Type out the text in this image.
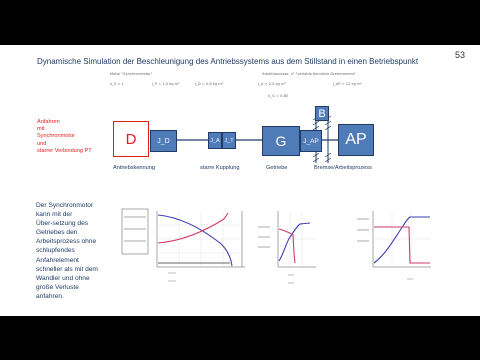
Dynamische Simulation der Beschleunigung des Antriebssystems aus dem Stillstand in einen Betriebspunkt
53
Motor "Synchronmotor"
n_0 = 1	J_P = 1.5 kg m²	J_D = 0.8 kg m²
Arbeitsprozess: n² "variable Kennlinie Drehmoment"
J_A = 2.5 kg m²	J_AP = 12 kg m²
η_G = 0.85
Anfahren
mit
Synchronmotor
und
starrer Verbindung PT
D	J_D	J_A J_T	G	J_AP
B
AP
Antriebskennung	starre Kupplung	Getriebe	Bremse/Arbeitsprozess
Der Synchronmotor
kann mit der
Über-setzung des
Getriebes den
Arbeitsprozess ohne
schlupfendes
Anfahrelement
schneller als mit dem
Wandler und ohne
große Verluste
anfahren.
